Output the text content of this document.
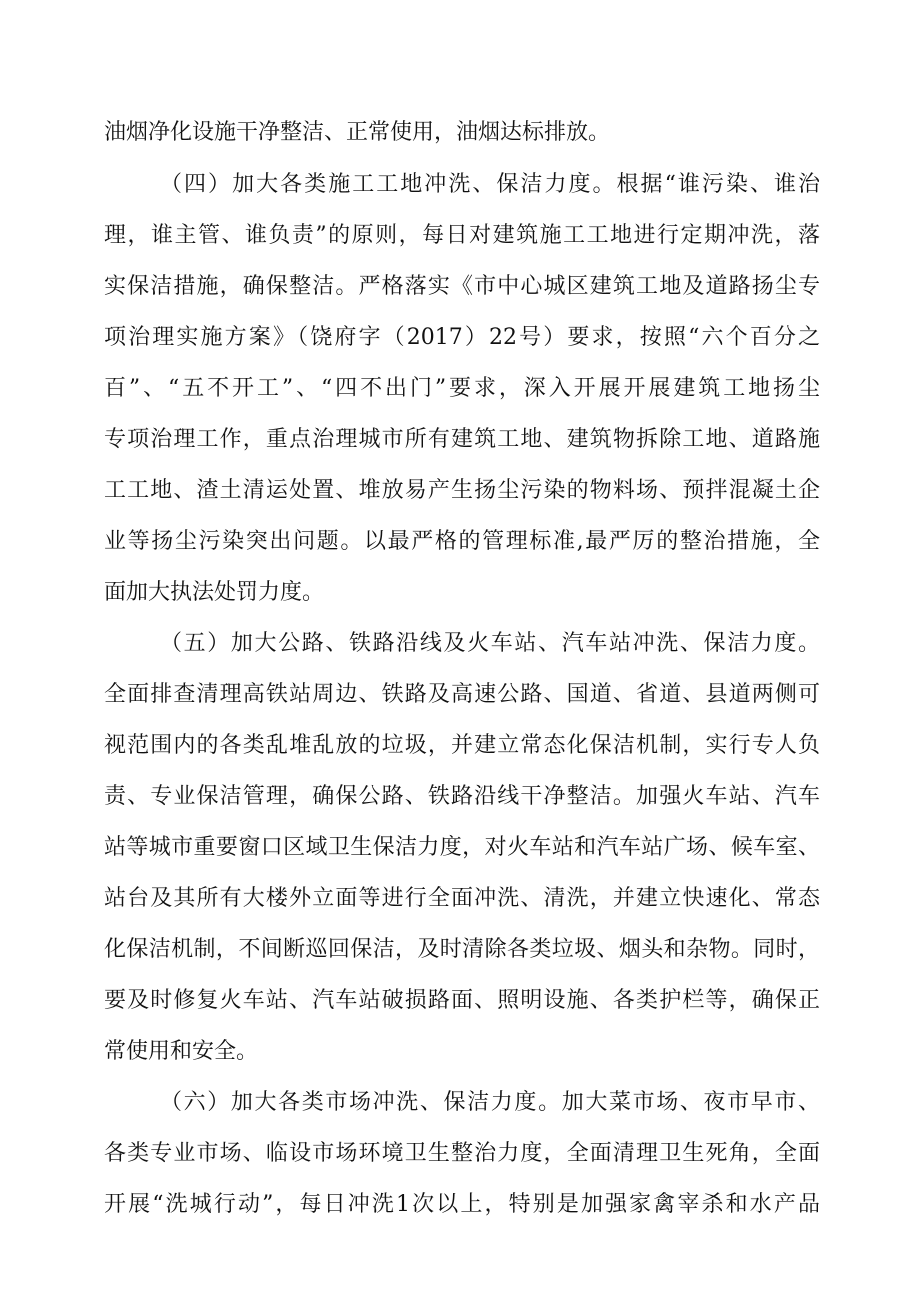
油烟净化设施干净整洁、正常使用，油烟达标排放。
（四）加大各类施工工地冲洗、保洁力度。根据“谁污染、谁治
理，谁主管、谁负责”的原则，每日对建筑施工工地进行定期冲洗，落
实保洁措施，确保整洁。严格落实《市中心城区建筑工地及道路扬尘专
项治理实施方案》（饶府字（2017）22号）要求，按照“六个百分之
百”、“五不开工”、“四不出门”要求，深入开展开展建筑工地扬尘
专项治理工作，重点治理城市所有建筑工地、建筑物拆除工地、道路施
工工地、渣土清运处置、堆放易产生扬尘污染的物料场、预拌混凝土企
业等扬尘污染突出问题。以最严格的管理标准,最严厉的整治措施，全
面加大执法处罚力度。
（五）加大公路、铁路沿线及火车站、汽车站冲洗、保洁力度。
全面排查清理高铁站周边、铁路及高速公路、国道、省道、县道两侧可
视范围内的各类乱堆乱放的垃圾，并建立常态化保洁机制，实行专人负
责、专业保洁管理，确保公路、铁路沿线干净整洁。加强火车站、汽车
站等城市重要窗口区域卫生保洁力度，对火车站和汽车站广场、候车室、
站台及其所有大楼外立面等进行全面冲洗、清洗，并建立快速化、常态
化保洁机制，不间断巡回保洁，及时清除各类垃圾、烟头和杂物。同时，
要及时修复火车站、汽车站破损路面、照明设施、各类护栏等，确保正
常使用和安全。
（六）加大各类市场冲洗、保洁力度。加大菜市场、夜市早市、
各类专业市场、临设市场环境卫生整治力度，全面清理卫生死角，全面
开展“洗城行动”，每日冲洗1次以上，特别是加强家禽宰杀和水产品
